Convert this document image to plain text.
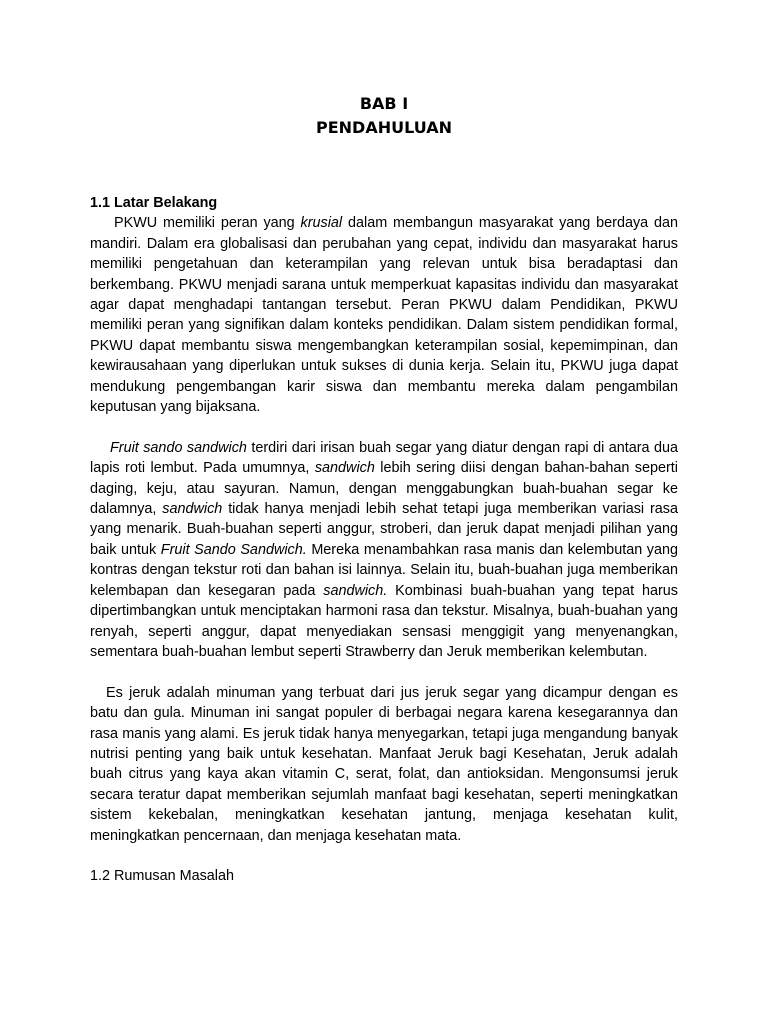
BAB I
PENDAHULUAN
1.1 Latar Belakang

PKWU memiliki peran yang krusial dalam membangun masyarakat yang berdaya dan mandiri. Dalam era globalisasi dan perubahan yang cepat, individu dan masyarakat harus memiliki pengetahuan dan keterampilan yang relevan untuk bisa beradaptasi dan berkembang. PKWU menjadi sarana untuk memperkuat kapasitas individu dan masyarakat agar dapat menghadapi tantangan tersebut. Peran PKWU dalam Pendidikan, PKWU memiliki peran yang signifikan dalam konteks pendidikan. Dalam sistem pendidikan formal, PKWU dapat membantu siswa mengembangkan keterampilan sosial, kepemimpinan, dan kewirausahaan yang diperlukan untuk sukses di dunia kerja. Selain itu, PKWU juga dapat mendukung pengembangan karir siswa dan membantu mereka dalam pengambilan keputusan yang bijaksana.

Fruit sando sandwich terdiri dari irisan buah segar yang diatur dengan rapi di antara dua lapis roti lembut. Pada umumnya, sandwich lebih sering diisi dengan bahan-bahan seperti daging, keju, atau sayuran. Namun, dengan menggabungkan buah-buahan segar ke dalamnya, sandwich tidak hanya menjadi lebih sehat tetapi juga memberikan variasi rasa yang menarik. Buah-buahan seperti anggur, stroberi, dan jeruk dapat menjadi pilihan yang baik untuk Fruit Sando Sandwich. Mereka menambahkan rasa manis dan kelembutan yang kontras dengan tekstur roti dan bahan isi lainnya. Selain itu, buah-buahan juga memberikan kelembapan dan kesegaran pada sandwich. Kombinasi buah-buahan yang tepat harus dipertimbangkan untuk menciptakan harmoni rasa dan tekstur. Misalnya, buah-buahan yang renyah, seperti anggur, dapat menyediakan sensasi menggigit yang menyenangkan, sementara buah-buahan lembut seperti Strawberry dan Jeruk memberikan kelembutan.

Es jeruk adalah minuman yang terbuat dari jus jeruk segar yang dicampur dengan es batu dan gula. Minuman ini sangat populer di berbagai negara karena kesegarannya dan rasa manis yang alami. Es jeruk tidak hanya menyegarkan, tetapi juga mengandung banyak nutrisi penting yang baik untuk kesehatan. Manfaat Jeruk bagi Kesehatan, Jeruk adalah buah citrus yang kaya akan vitamin C, serat, folat, dan antioksidan. Mengonsumsi jeruk secara teratur dapat memberikan sejumlah manfaat bagi kesehatan, seperti meningkatkan sistem kekebalan, meningkatkan kesehatan jantung, menjaga kesehatan kulit, meningkatkan pencernaan, dan menjaga kesehatan mata.

1.2 Rumusan Masalah
